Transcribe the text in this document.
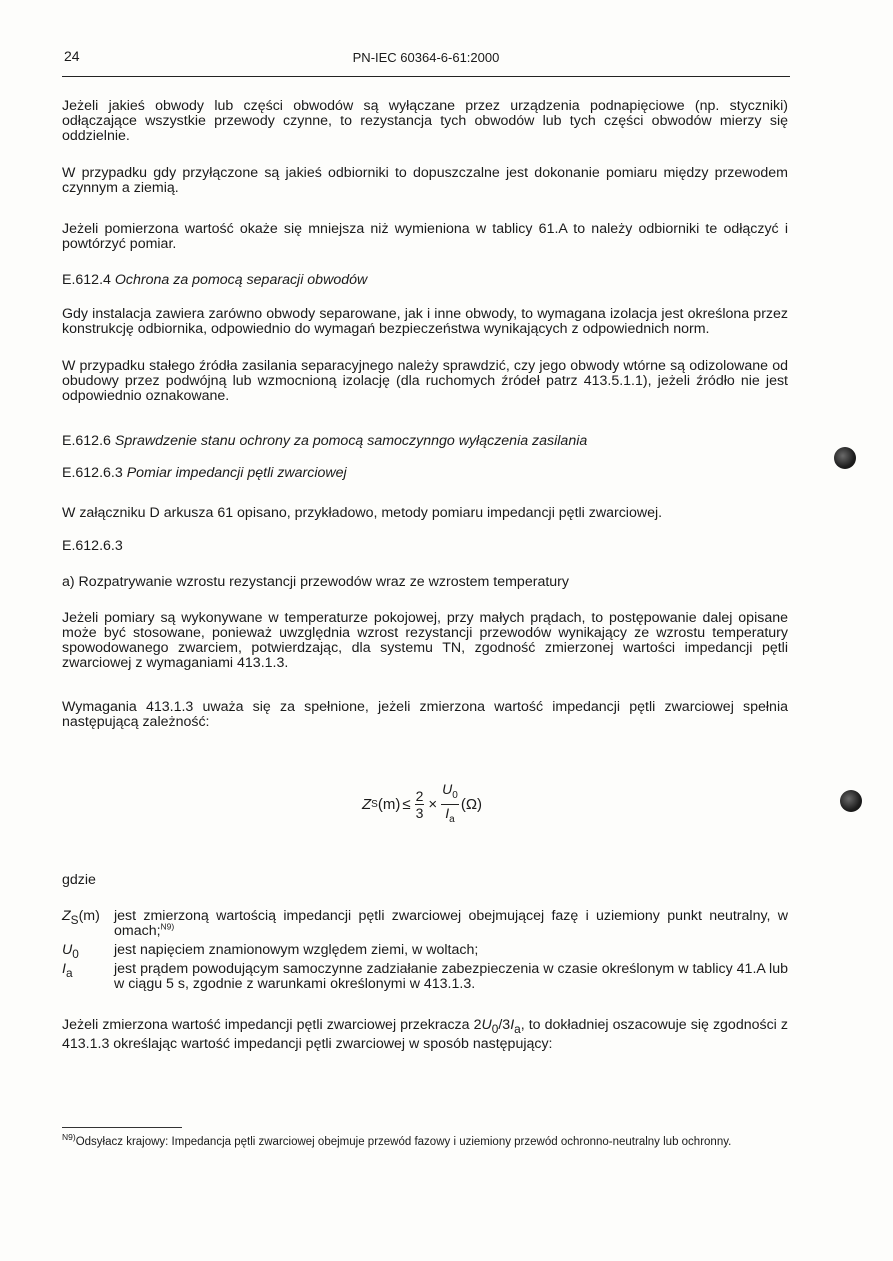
24	PN-IEC 60364-6-61:2000

Jeżeli jakieś obwody lub części obwodów są wyłączane przez urządzenia podnapięciowe (np. styczniki) odłączające wszystkie przewody czynne, to rezystancja tych obwodów lub tych części obwodów mierzy się oddzielnie.

W przypadku gdy przyłączone są jakieś odbiorniki to dopuszczalne jest dokonanie pomiaru między przewodem czynnym a ziemią.

Jeżeli pomierzona wartość okaże się mniejsza niż wymieniona w tablicy 61.A to należy odbiorniki te odłączyć i powtórzyć pomiar.

E.612.4 Ochrona za pomocą separacji obwodów

Gdy instalacja zawiera zarówno obwody separowane, jak i inne obwody, to wymagana izolacja jest określona przez konstrukcję odbiornika, odpowiednio do wymagań bezpieczeństwa wynikających z odpowiednich norm.

W przypadku stałego źródła zasilania separacyjnego należy sprawdzić, czy jego obwody wtórne są odizolowane od obudowy przez podwójną lub wzmocnioną izolację (dla ruchomych źródeł patrz 413.5.1.1), jeżeli źródło nie jest odpowiednio oznakowane.

E.612.6 Sprawdzenie stanu ochrony za pomocą samoczynngo wyłączenia zasilania

E.612.6.3 Pomiar impedancji pętli zwarciowej

W załączniku D arkusza 61 opisano, przykładowo, metody pomiaru impedancji pętli zwarciowej.

E.612.6.3

a) Rozpatrywanie wzrostu rezystancji przewodów wraz ze wzrostem temperatury

Jeżeli pomiary są wykonywane w temperaturze pokojowej, przy małych prądach, to postępowanie dalej opisane może być stosowane, ponieważ uwzględnia wzrost rezystancji przewodów wynikający ze wzrostu temperatury spowodowanego zwarciem, potwierdzając, dla systemu TN, zgodność zmierzonej wartości impedancji pętli zwarciowej z wymaganiami 413.1.3.

Wymagania 413.1.3 uważa się za spełnione, jeżeli zmierzona wartość impedancji pętli zwarciowej spełnia następującą zależność:

Z S $(m) \le \frac{2}{3} \times \frac{U_0}{I_a} (\Omega)$

gdzie

$Z_S(m)$ jest zmierzoną wartością impedancji pętli zwarciowej obejmującej fazę i uziemiony punkt neutralny, w omach;$^{N9)}$
$U_0$	jest napięciem znamionowym względem ziemi, w woltach;
$I_a$	jest prądem powodującym samoczynne zadziałanie zabezpieczenia w czasie określonym w tablicy 41.A lub w ciągu 5 s, zgodnie z warunkami określonymi w 413.1.3.

Jeżeli zmierzona wartość impedancji pętli zwarciowej przekracza $2U_0/3I_a$, to dokładniej oszacowuje się zgodności z 413.1.3 określając wartość impedancji pętli zwarciowej w sposób następujący:

$^{N9)}$Odsyłacz krajowy: Impedancja pętli zwarciowej obejmuje przewód fazowy i uziemiony przewód ochronno-neutralny lub ochronny.
